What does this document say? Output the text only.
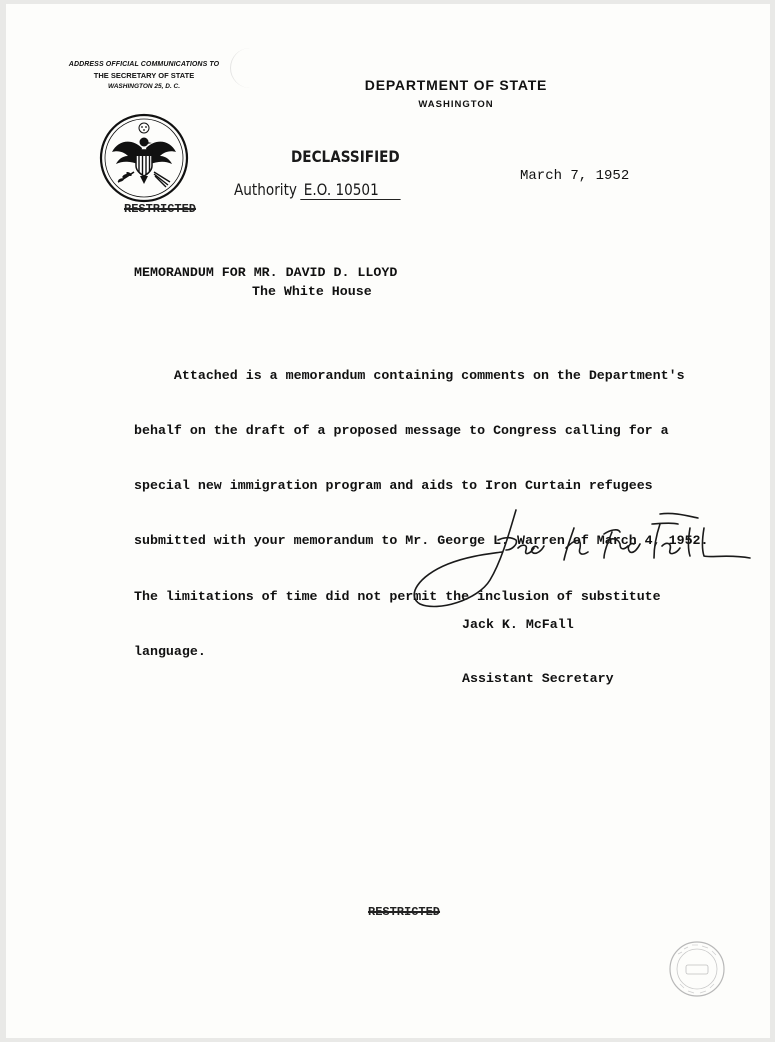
ADDRESS OFFICIAL COMMUNICATIONS TO
THE SECRETARY OF STATE
WASHINGTON 25, D. C.	DEPARTMENT OF STATE
WASHINGTON
DECLASSIFIED
Authority E.O. 10501
RESTRICTED
March 7, 1952
MEMORANDUM FOR MR. DAVID D. LLOYD
The White House

Attached is a memorandum containing comments on the Department's

behalf on the draft of a proposed message to Congress calling for a

special new immigration program and aids to Iron Curtain refugees

submitted with your memorandum to Mr. George L. Warren of March 4, 1952.

The limitations of time did not permit the inclusion of substitute

language.

Jack K. McFall

Assistant Secretary

RESTRICTED
